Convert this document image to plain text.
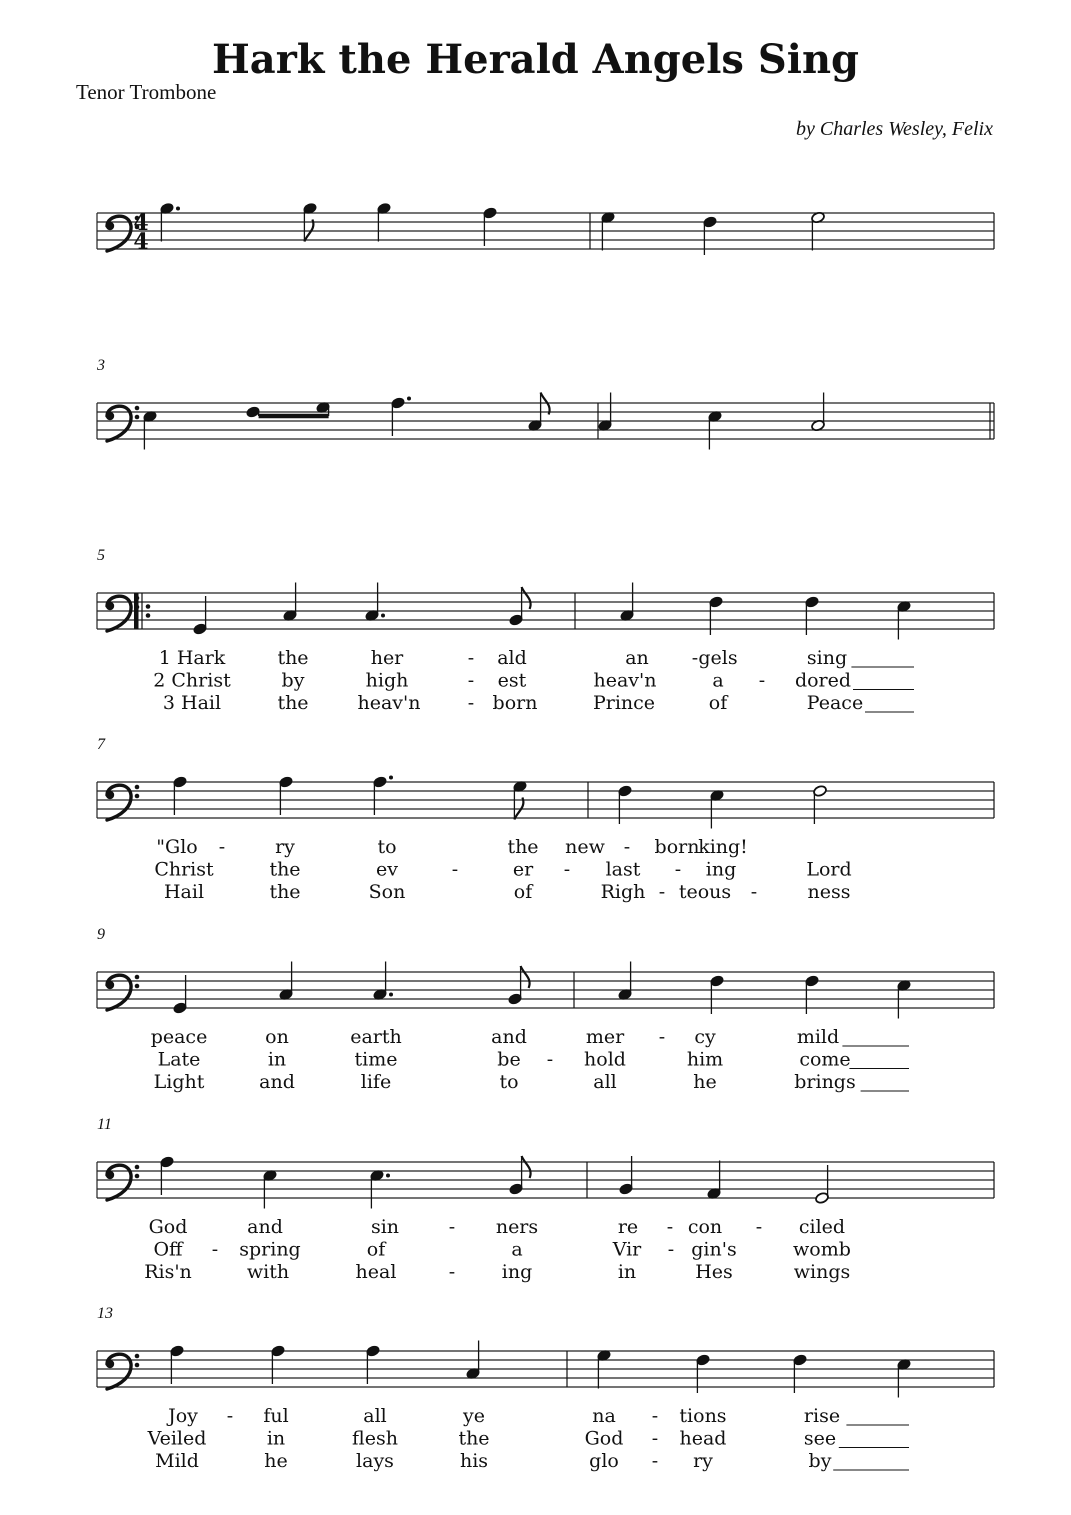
Hark the Herald Angels Sing
Tenor Trombone
by Charles Wesley, Felix
4
4
3
5
1 Hark	the	her	- ald	an - gels	sing
2 Christ	by	high	- est	heav'n	a - dored
3 Hail	the	heav'n - born	Prince	of	Peace
7
"Glo -	ry	to	the new - born
king!
Christ	the	ev	-	er - last - ing	Lord
Hail	the	Son	of	Righ - teous -	ness
9
peace	on	earth	and	mer - cy	mild
Late	in	time	be - hold	him	come
Light	and	life	to	all	he	brings
11
God	and	sin	- ners	re - con - ciled
Off - spring	of	a	Vir - gin's	womb
Ris'n	with	heal	- ing	in	Hes	wings
13
Joy - ful	all	ye	na - tions	rise
Veiled	in	flesh	the	God - head	see
Mild	he	lays	his	glo - ry	by
